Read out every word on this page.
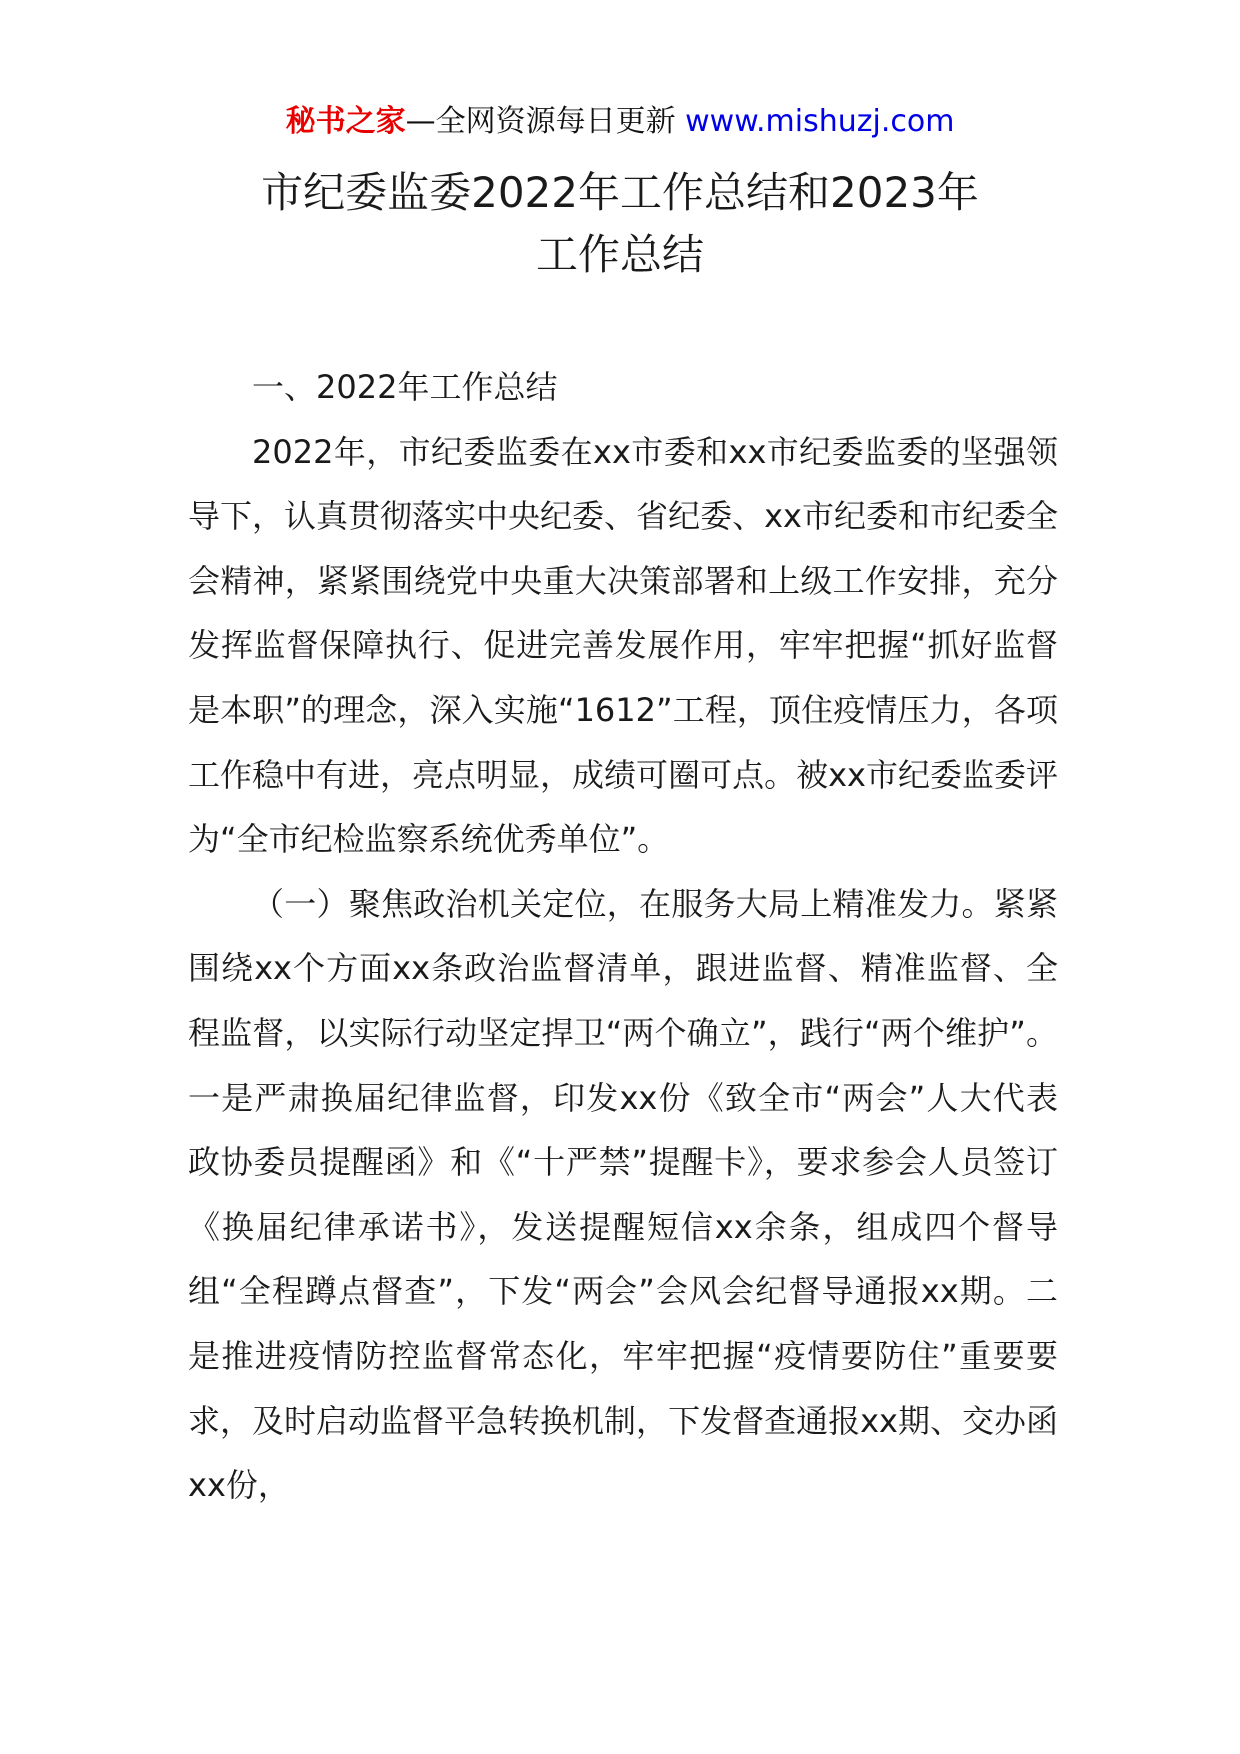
秘书之家—全网资源每日更新 www.mishuzj.com
市纪委监委2022年工作总结和2023年
工作总结

一、2022年工作总结

2022年，市纪委监委在xx市委和xx市纪委监委的坚强领导下，认真贯彻落实中央纪委、省纪委、xx市纪委和市纪委全会精神，紧紧围绕党中央重大决策部署和上级工作安排，充分发挥监督保障执行、促进完善发展作用，牢牢把握“抓好监督是本职”的理念，深入实施“1612”工程，顶住疫情压力，各项工作稳中有进，亮点明显，成绩可圈可点。被xx市纪委监委评为“全市纪检监察系统优秀单位”。

（一）聚焦政治机关定位，在服务大局上精准发力。紧紧围绕xx个方面xx条政治监督清单，跟进监督、精准监督、全程监督，以实际行动坚定捍卫“两个确立”，践行“两个维护”。一是严肃换届纪律监督，印发xx份《致全市“两会”人大代表政协委员提醒函》和《“十严禁”提醒卡》，要求参会人员签订《换届纪律承诺书》，发送提醒短信xx余条，组成四个督导组“全程蹲点督查”，下发“两会”会风会纪督导通报xx期。二是推进疫情防控监督常态化，牢牢把握“疫情要防住”重要要求，及时启动监督平急转换机制，下发督查通报xx期、交办函xx份，
